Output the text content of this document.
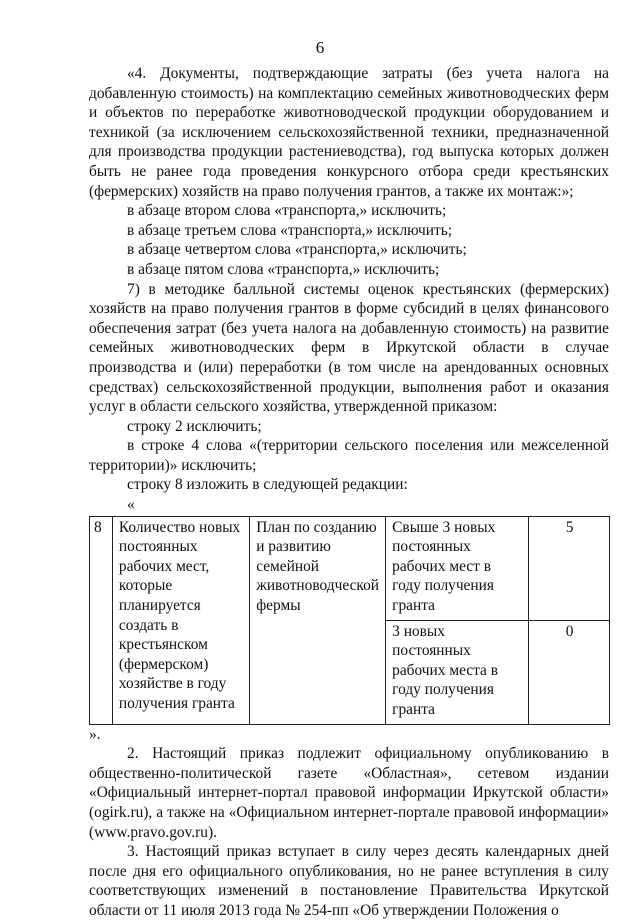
6

«4. Документы, подтверждающие затраты (без учета налога на добавленную стоимость) на комплектацию семейных животноводческих ферм и объектов по переработке животноводческой продукции оборудованием и техникой (за исключением сельскохозяйственной техники, предназначенной для производства продукции растениеводства), год выпуска которых должен быть не ранее года проведения конкурсного отбора среди крестьянских (фермерских) хозяйств на право получения грантов, а также их монтаж:»;

в абзаце втором слова «транспорта,» исключить;

в абзаце третьем слова «транспорта,» исключить;

в абзаце четвертом слова «транспорта,» исключить;

в абзаце пятом слова «транспорта,» исключить;

7) в методике балльной системы оценок крестьянских (фермерских) хозяйств на право получения грантов в форме субсидий в целях финансового обеспечения затрат (без учета налога на добавленную стоимость) на развитие семейных животноводческих ферм в Иркутской области в случае производства и (или) переработки (в том числе на арендованных основных средствах) сельскохозяйственной продукции, выполнения работ и оказания услуг в области сельского хозяйства, утвержденной приказом:

строку 2 исключить;

в строке 4 слова «(территории сельского поселения или межселенной территории)» исключить;

строку 8 изложить в следующей редакции:

«

8	Количество новых постоянных рабочих мест, которые планируется создать в крестьянском (фермерском) хозяйстве в году получения гранта	План по созданию и развитию семейной животноводческой фермы	Свыше 3 новых постоянных рабочих мест в году получения гранта	5
			3 новых постоянных рабочих места в году получения гранта	0

».

2. Настоящий приказ подлежит официальному опубликованию в общественно-политической газете «Областная», сетевом издании «Официальный интернет-портал правовой информации Иркутской области» (ogirk.ru), а также на «Официальном интернет-портале правовой информации» (www.pravo.gov.ru).

3. Настоящий приказ вступает в силу через десять календарных дней после дня его официального опубликования, но не ранее вступления в силу соответствующих изменений в постановление Правительства Иркутской области от 11 июля 2013 года № 254-пп «Об утверждении Положения о
